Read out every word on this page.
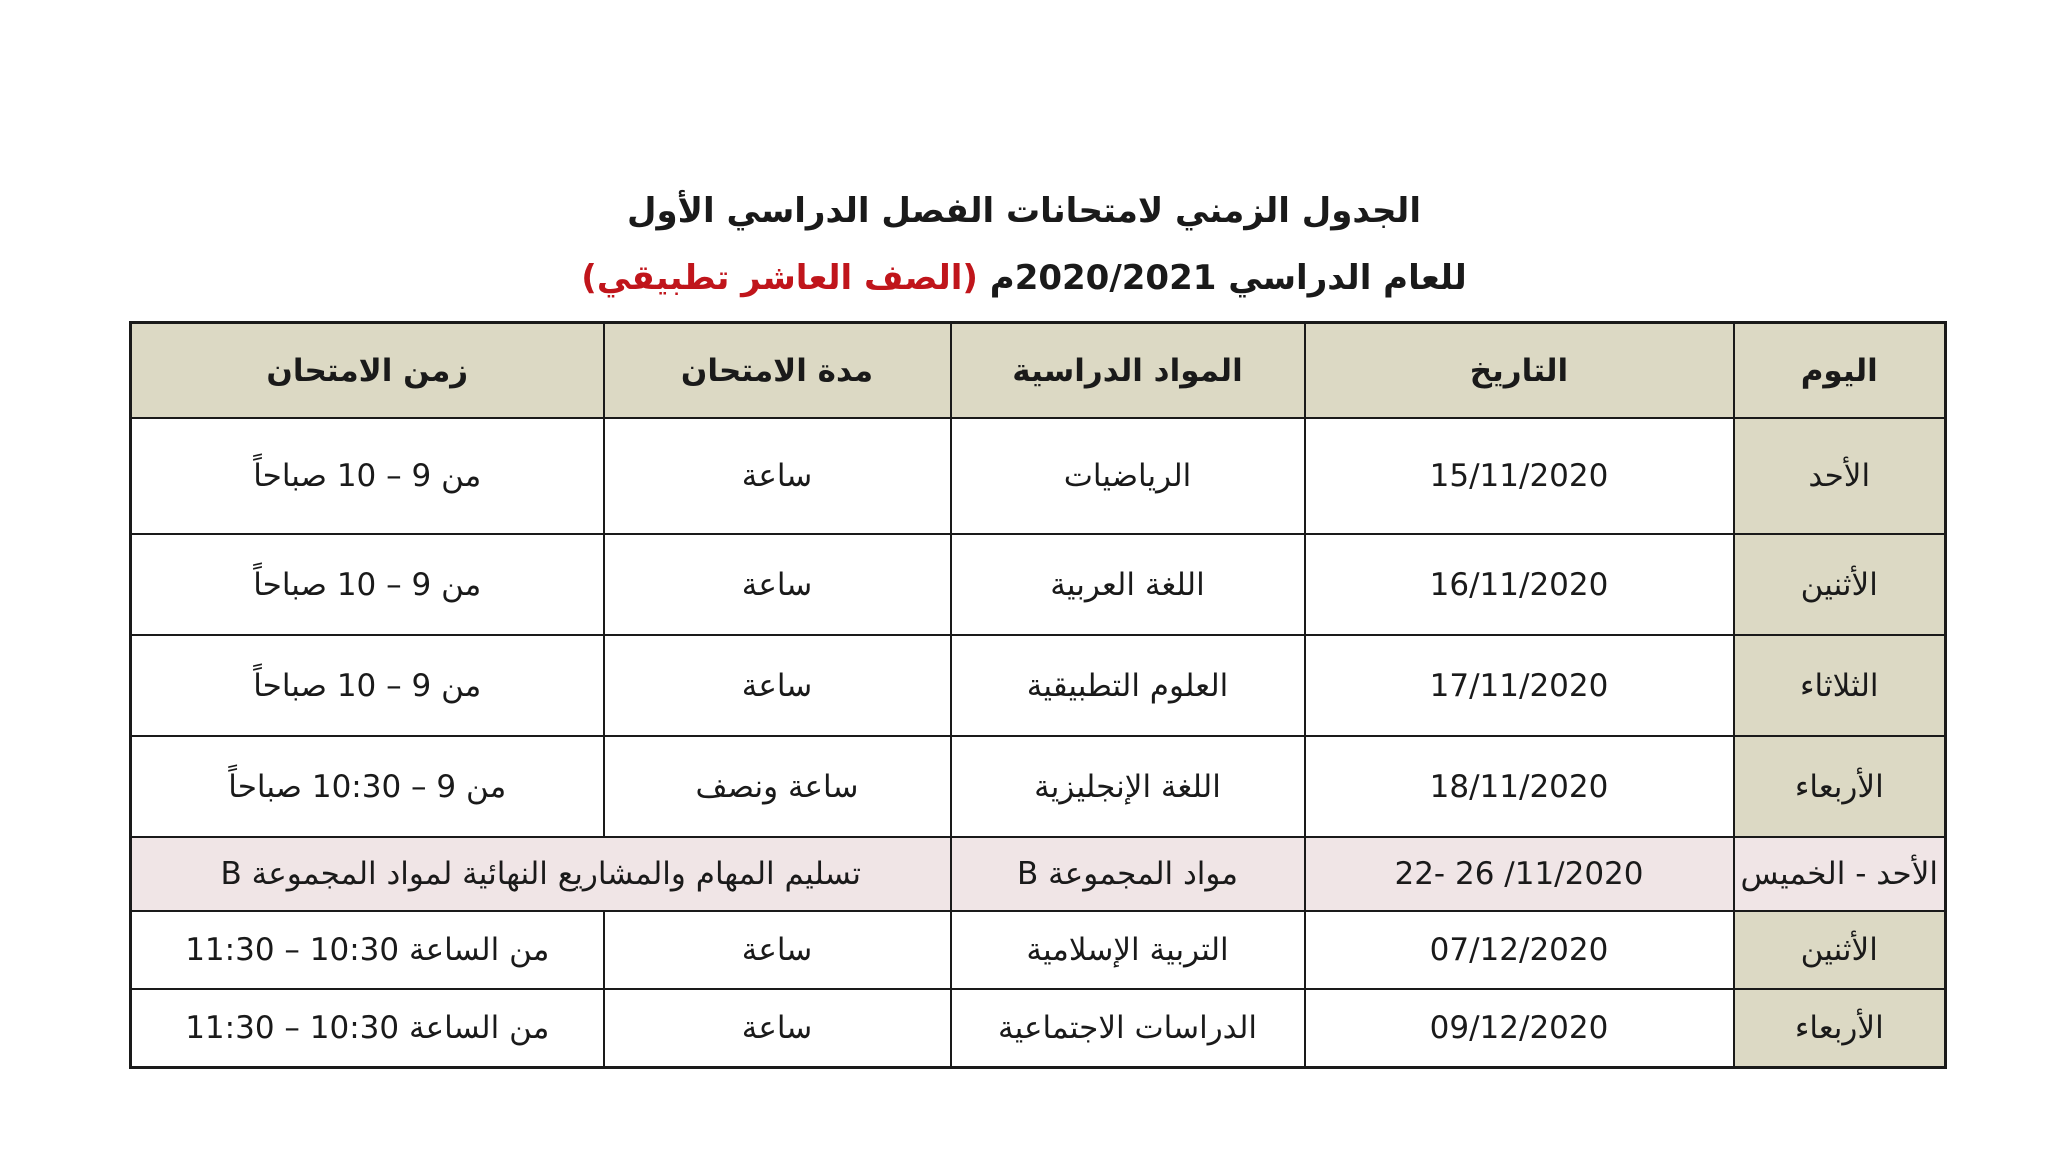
الجدول الزمني لامتحانات الفصل الدراسي الأول
للعام الدراسي 2020/2021م (الصف العاشر تطبيقي)
اليوم	التاريخ	المواد الدراسية	مدة الامتحان	زمن الامتحان
الأحد	15/11/2020	الرياضيات	ساعة	من 9 – 10 صباحاً
الأثنين	16/11/2020	اللغة العربية	ساعة	من 9 – 10 صباحاً
الثلاثاء	17/11/2020	العلوم التطبيقية	ساعة	من 9 – 10 صباحاً
الأربعاء	18/11/2020	اللغة الإنجليزية	ساعة ونصف	من 9 – 10:30 صباحاً
الأحد - الخميس	22- 26 /11/2020	مواد المجموعة B	تسليم المهام والمشاريع النهائية لمواد المجموعة B	
الأثنين	07/12/2020	التربية الإسلامية	ساعة	من الساعة 10:30 – 11:30
الأربعاء	09/12/2020	الدراسات الاجتماعية	ساعة	من الساعة 10:30 – 11:30
